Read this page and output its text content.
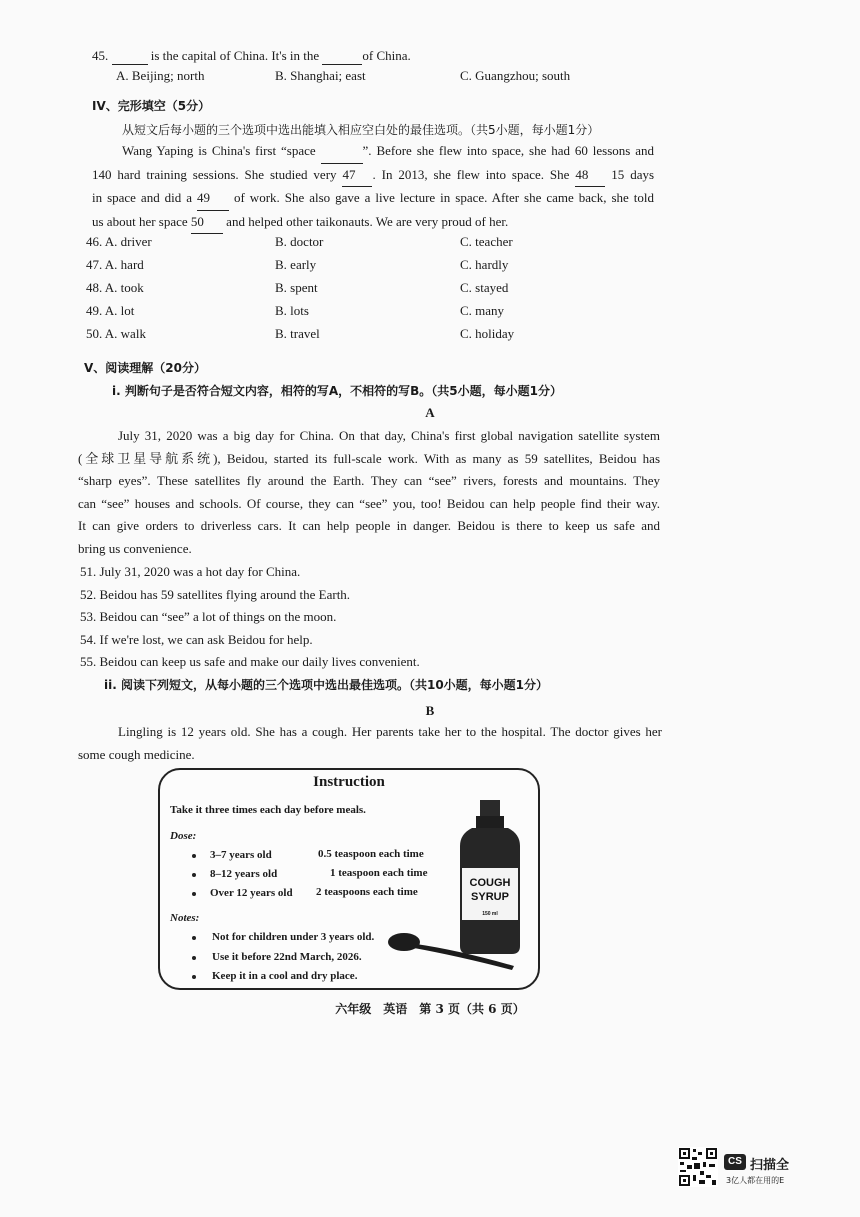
45.	is the capital of China. It's in the	of China.
A. Beijing; north	B. Shanghai; east	C. Guangzhou; south
IV、完形填空（5分）
从短文后每小题的三个选项中选出能填入相应空白处的最佳选项。（共5小题，每小题1分）
Wang Yaping is China's first “space	”. Before she flew into space, she had 60 lessons and
140 hard training sessions. She studied very 47 . In 2013, she flew into space. She 48 15 days
in space and did a 49 of work. She also gave a live lecture in space. After she came back, she told
us about her space 50 and helped other taikonauts. We are very proud of her.
46. A. driver	B. doctor	C. teacher
47. A. hard	B. early	C. hardly
48. A. took	B. spent	C. stayed
49. A. lot	B. lots	C. many
50. A. walk	B. travel	C. holiday
V、阅读理解（20分）
i. 判断句子是否符合短文内容，相符的写A，不相符的写B。（共5小题，每小题1分）
A
July 31, 2020 was a big day for China. On that day, China's first global navigation satellite system
(全球卫星导航系统), Beidou, started its full-scale work. With as many as 59 satellites, Beidou has
“sharp eyes”. These satellites fly around the Earth. They can “see” rivers, forests and mountains. They
can “see” houses and schools. Of course, they can “see” you, too! Beidou can help people find their way.
It can give orders to driverless cars. It can help people in danger. Beidou is there to keep us safe and
bring us convenience.
51. July 31, 2020 was a hot day for China.
52. Beidou has 59 satellites flying around the Earth.
53. Beidou can “see” a lot of things on the moon.
54. If we're lost, we can ask Beidou for help.
55. Beidou can keep us safe and make our daily lives convenient.
ii. 阅读下列短文，从每小题的三个选项中选出最佳选项。（共10小题，每小题1分）
B
Lingling is 12 years old. She has a cough. Her parents take her to the hospital. The doctor gives her
some cough medicine.
Instruction
Take it three times each day before meals.
Dose:
3–7 years old	0.5 teaspoon each time
8–12 years old	1 teaspoon each time
Over 12 years old 2 teaspoons each time
Notes:
Not for children under 3 years old.
Use it before 22nd March, 2026.
Keep it in a cool and dry place.
COUGH
SYRUP
150 ml
六年级　英语　第 3 页（共 6 页）
CS 扫描全
3亿人都在用的E
